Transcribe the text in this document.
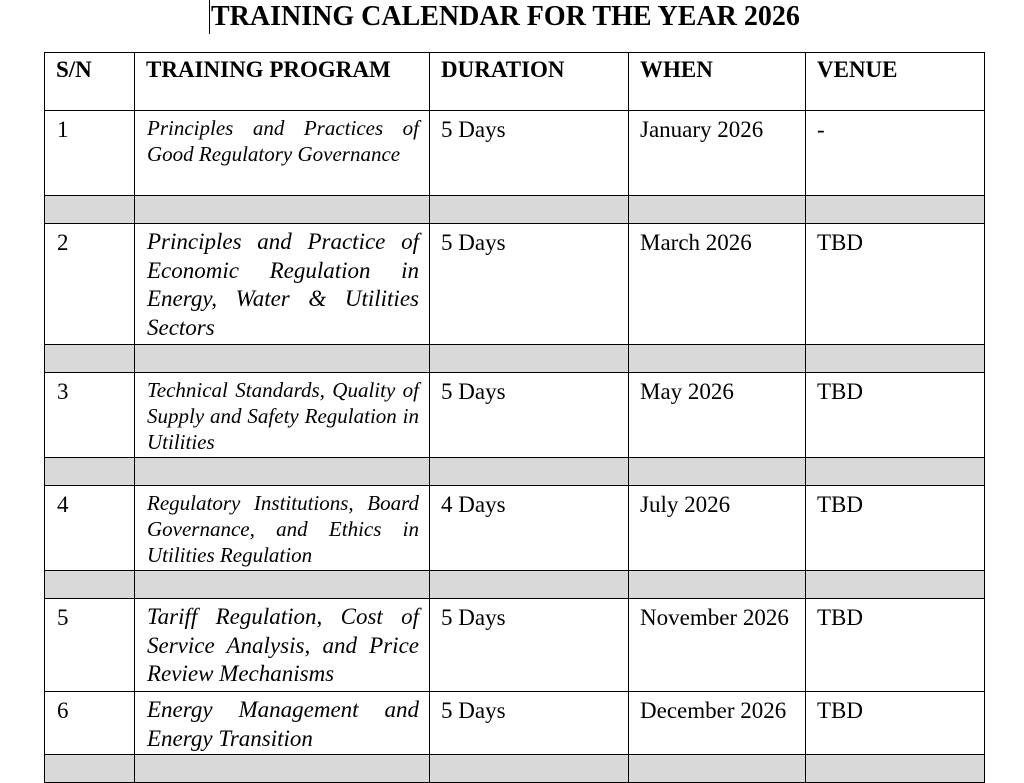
TRAINING CALENDAR FOR THE YEAR 2026
S/N	TRAINING PROGRAM	DURATION	WHEN	VENUE
1	Principles and Practices of Good Regulatory Governance	5 Days	January 2026	-

2	Principles and Practice of Economic Regulation in Energy, Water & Utilities Sectors	5 Days	March 2026	TBD

3	Technical Standards, Quality of Supply and Safety Regulation in Utilities	5 Days	May 2026	TBD

4	Regulatory Institutions, Board Governance, and Ethics in Utilities Regulation	4 Days	July 2026	TBD

5	Tariff Regulation, Cost of Service Analysis, and Price Review Mechanisms	5 Days	November 2026	TBD
6	Energy Management and Energy Transition	5 Days	December 2026	TBD
